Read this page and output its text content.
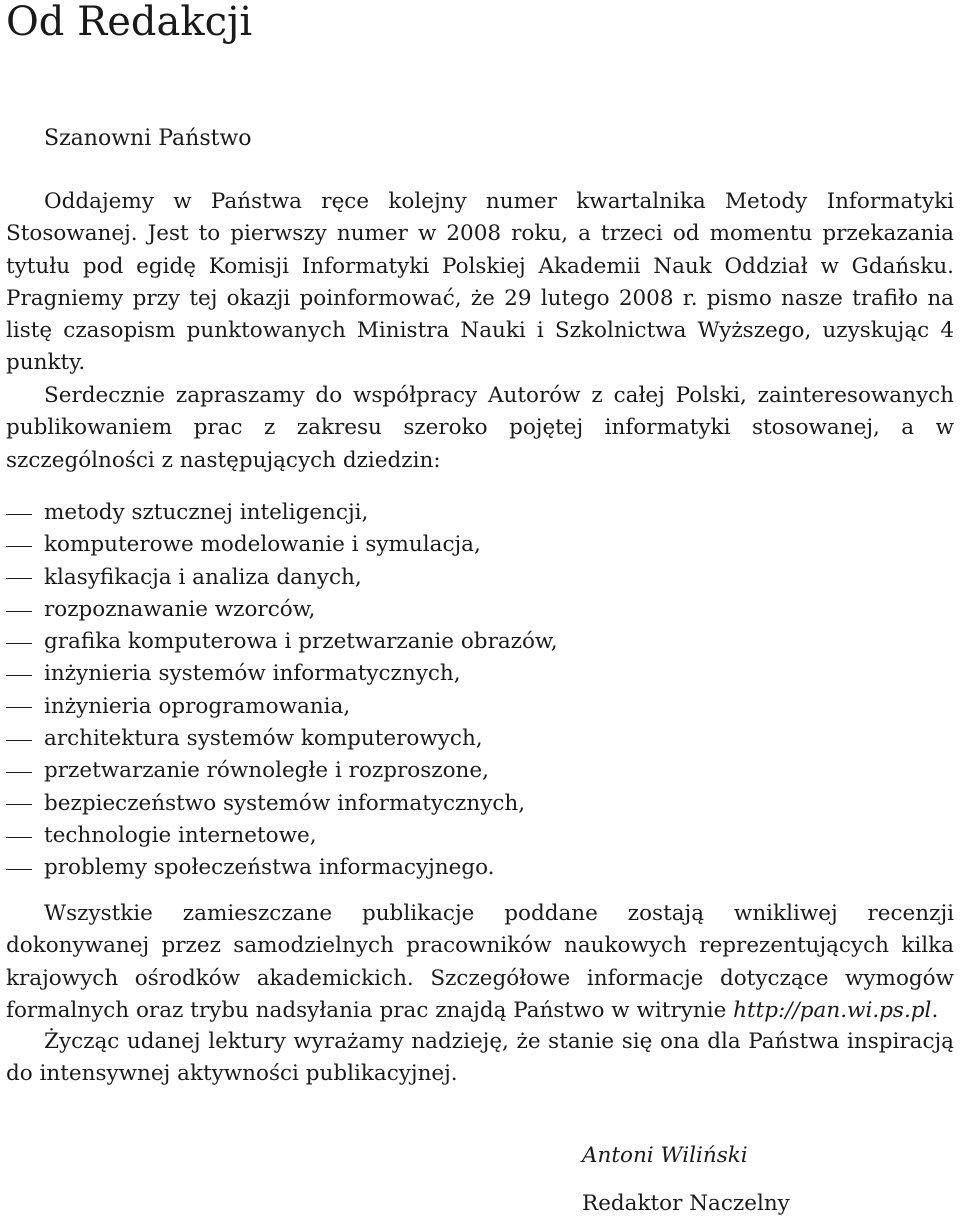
Od Redakcji
Szanowni Państwo

Oddajemy w Państwa ręce kolejny numer kwartalnika Metody Informatyki Stosowanej. Jest to pierwszy numer w 2008 roku, a trzeci od momentu przekazania tytułu pod egidę Komisji Informatyki Polskiej Akademii Nauk Oddział w Gdańsku. Pragniemy przy tej okazji poinformować, że 29 lutego 2008 r. pismo nasze trafiło na listę czasopism punktowanych Ministra Nauki i Szkolnictwa Wyższego, uzyskując 4 punkty.

Serdecznie zapraszamy do współpracy Autorów z całej Polski, zainteresowanych publikowaniem prac z zakresu szeroko pojętej informatyki stosowanej, a w szczególności z następujących dziedzin:

metody sztucznej inteligencji,
komputerowe modelowanie i symulacja,
klasyfikacja i analiza danych,
rozpoznawanie wzorców,
grafika komputerowa i przetwarzanie obrazów,
inżynieria systemów informatycznych,
inżynieria oprogramowania,
architektura systemów komputerowych,
przetwarzanie równoległe i rozproszone,
bezpieczeństwo systemów informatycznych,
technologie internetowe,
problemy społeczeństwa informacyjnego.

Wszystkie zamieszczane publikacje poddane zostają wnikliwej recenzji dokonywanej przez samodzielnych pracowników naukowych reprezentujących kilka krajowych ośrodków akademickich. Szczegółowe informacje dotyczące wymogów formalnych oraz trybu nadsyłania prac znajdą Państwo w witrynie http://pan.wi.ps.pl.

Życząc udanej lektury wyrażamy nadzieję, że stanie się ona dla Państwa inspiracją do intensywnej aktywności publikacyjnej.

Antoni Wiliński
Redaktor Naczelny
